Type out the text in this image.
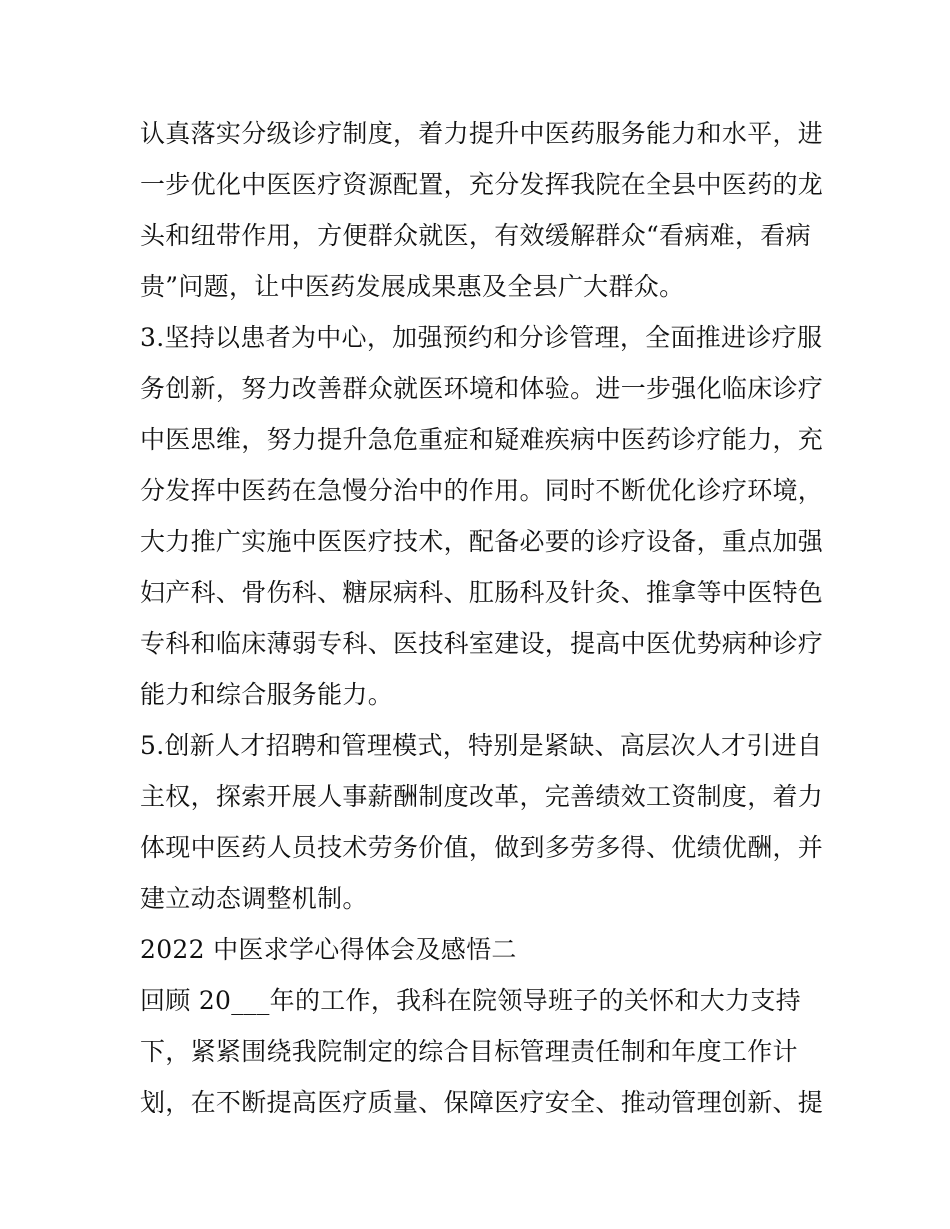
认真落实分级诊疗制度，着力提升中医药服务能力和水平，进
一步优化中医医疗资源配置，充分发挥我院在全县中医药的龙
头和纽带作用，方便群众就医，有效缓解群众“看病难，看病
贵”问题，让中医药发展成果惠及全县广大群众。
3.坚持以患者为中心，加强预约和分诊管理，全面推进诊疗服
务创新，努力改善群众就医环境和体验。进一步强化临床诊疗
中医思维，努力提升急危重症和疑难疾病中医药诊疗能力，充
分发挥中医药在急慢分治中的作用。同时不断优化诊疗环境，
大力推广实施中医医疗技术，配备必要的诊疗设备，重点加强
妇产科、骨伤科、糖尿病科、肛肠科及针灸、推拿等中医特色
专科和临床薄弱专科、医技科室建设，提高中医优势病种诊疗
能力和综合服务能力。
5.创新人才招聘和管理模式，特别是紧缺、高层次人才引进自
主权，探索开展人事薪酬制度改革，完善绩效工资制度，着力
体现中医药人员技术劳务价值，做到多劳多得、优绩优酬，并
建立动态调整机制。
2022 中医求学心得体会及感悟二
回顾 20___年的工作，我科在院领导班子的关怀和大力支持
下，紧紧围绕我院制定的综合目标管理责任制和年度工作计
划，在不断提高医疗质量、保障医疗安全、推动管理创新、提
